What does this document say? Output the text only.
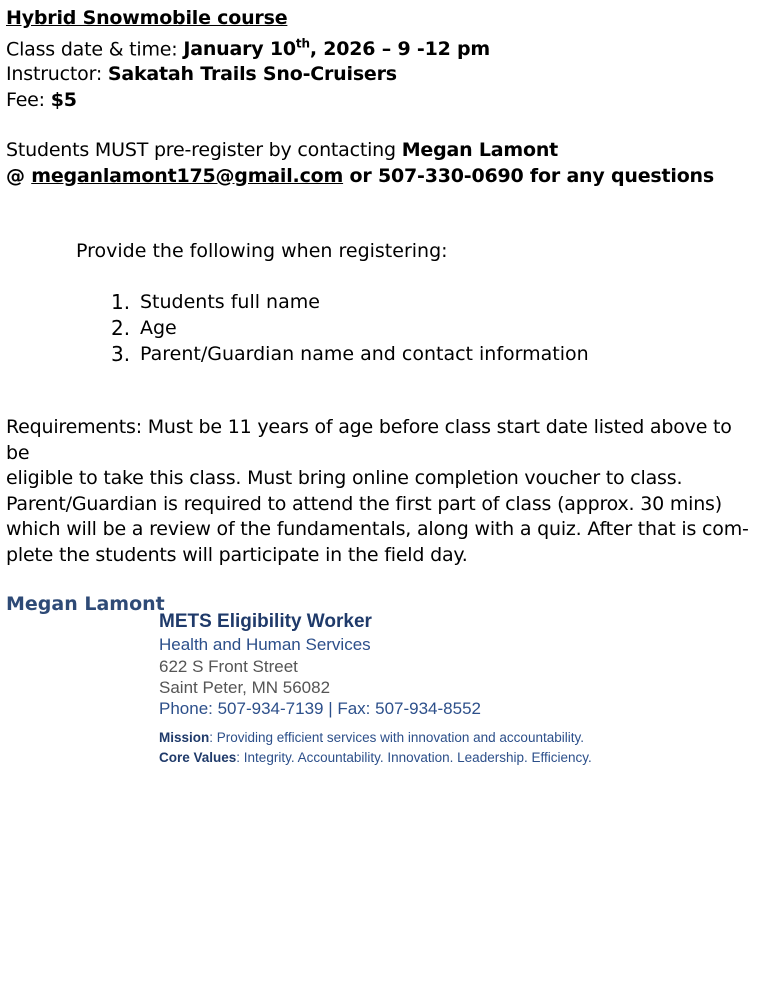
Hybrid Snowmobile course

Class date & time: January 10th, 2026 – 9 -12 pm

Instructor: Sakatah Trails Sno-Cruisers

Fee: $5

Students MUST pre-register by contacting Megan Lamont

@ meganlamont175@gmail.com or 507-330-0690 for any questions

Provide the following when registering:

1. Students full name
2. Age
3. Parent/Guardian name and contact information

Requirements: Must be 11 years of age before class start date listed above to be

eligible to take this class. Must bring online completion voucher to class.

Parent/Guardian is required to attend the first part of class (approx. 30 mins)

which will be a review of the fundamentals, along with a quiz. After that is com-

plete the students will participate in the field day.

Megan Lamont

METS Eligibility Worker

Health and Human Services

622 S Front Street

Saint Peter, MN 56082

Phone: 507-934-7139 | Fax: 507-934-8552

Mission: Providing efficient services with innovation and accountability.

Core Values: Integrity. Accountability. Innovation. Leadership. Efficiency.
